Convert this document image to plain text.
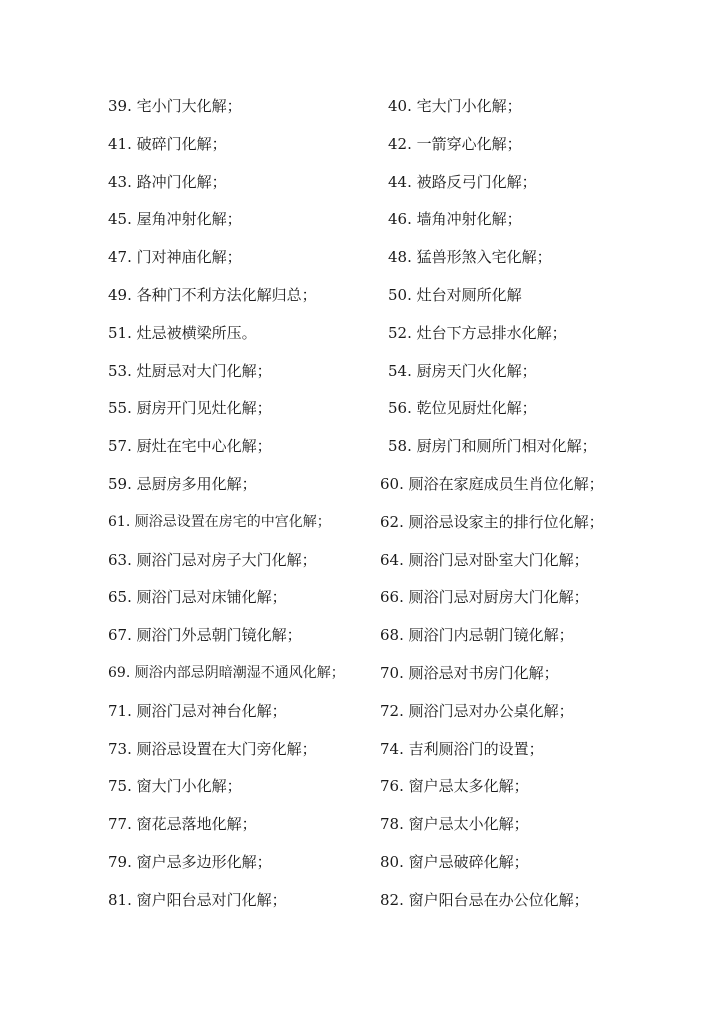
39. 宅小门大化解；	40. 宅大门小化解；
41. 破碎门化解；	42. 一箭穿心化解；
43. 路冲门化解；	44. 被路反弓门化解；
45. 屋角冲射化解；	46. 墙角冲射化解；
47. 门对神庙化解；	48. 猛兽形煞入宅化解；
49. 各种门不利方法化解归总；	50. 灶台对厕所化解
51. 灶忌被横梁所压。	52. 灶台下方忌排水化解；
53. 灶厨忌对大门化解；	54. 厨房天门火化解；
55. 厨房开门见灶化解；	56. 乾位见厨灶化解；
57. 厨灶在宅中心化解；	58. 厨房门和厕所门相对化解；
59. 忌厨房多用化解；	60. 厕浴在家庭成员生肖位化解；
61. 厕浴忌设置在房宅的中宫化解；	62. 厕浴忌设家主的排行位化解；
63. 厕浴门忌对房子大门化解；	64. 厕浴门忌对卧室大门化解；
65. 厕浴门忌对床铺化解；	66. 厕浴门忌对厨房大门化解；
67. 厕浴门外忌朝门镜化解；	68. 厕浴门内忌朝门镜化解；
69. 厕浴内部忌阴暗潮湿不通风化解； 70. 厕浴忌对书房门化解；
71. 厕浴门忌对神台化解；	72. 厕浴门忌对办公桌化解；
73. 厕浴忌设置在大门旁化解；	74. 吉利厕浴门的设置；
75. 窗大门小化解；	76. 窗户忌太多化解；
77. 窗花忌落地化解；	78. 窗户忌太小化解；
79. 窗户忌多边形化解；	80. 窗户忌破碎化解；
81. 窗户阳台忌对门化解；	82. 窗户阳台忌在办公位化解；
